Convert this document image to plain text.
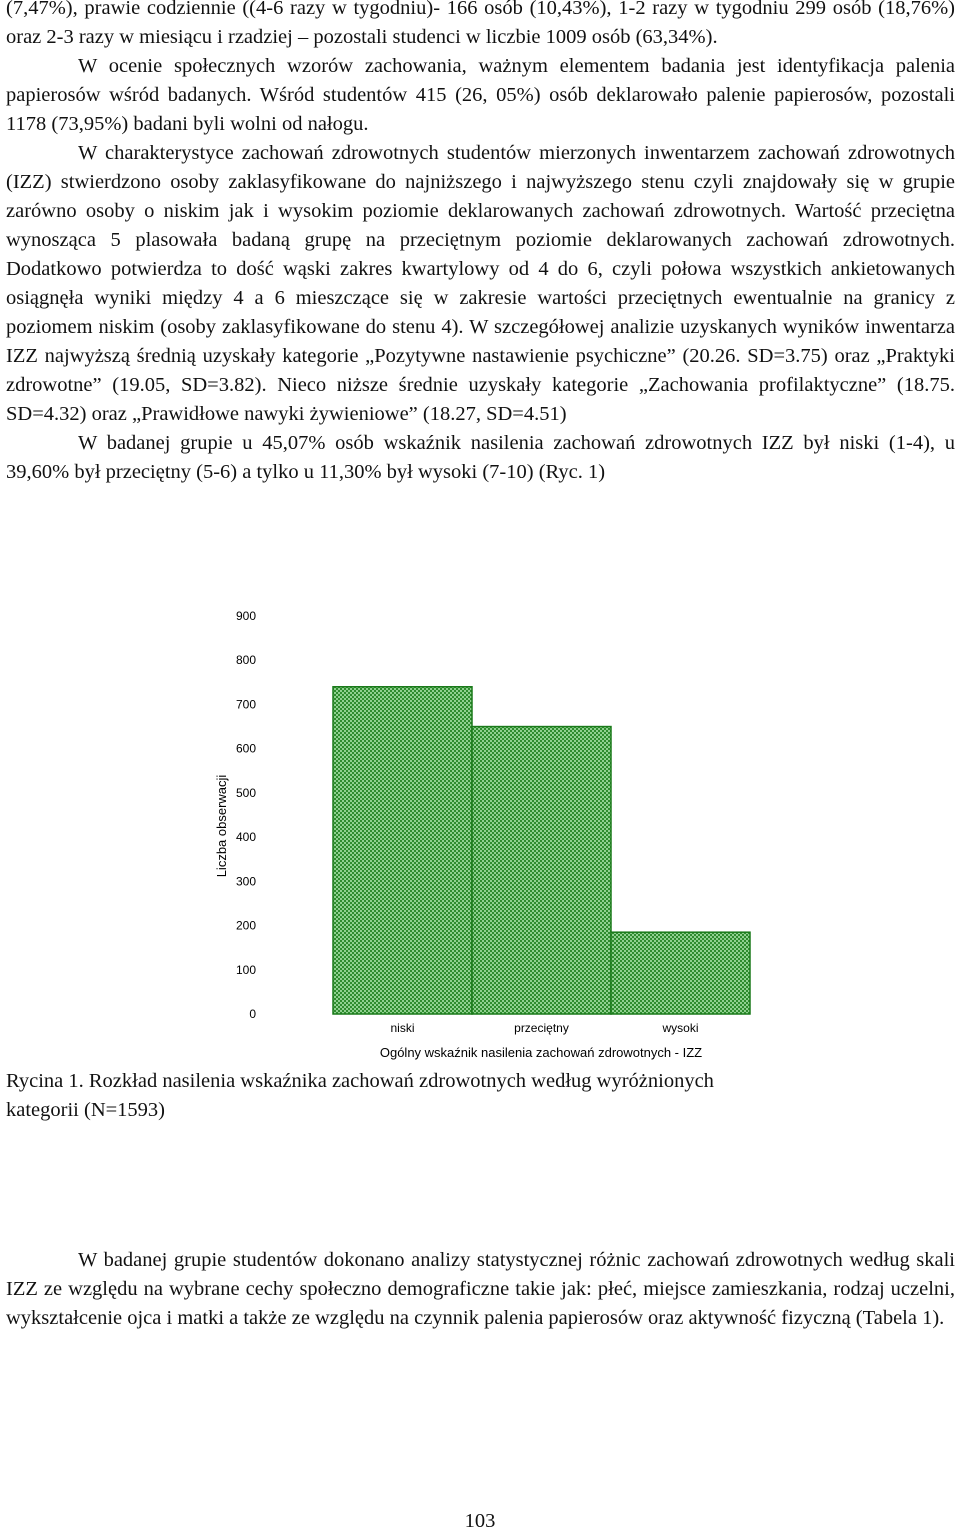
(7,47%), prawie codziennie ((4-6 razy w tygodniu)- 166 osób (10,43%), 1-2 razy w tygodniu 299 osób (18,76%) oraz 2-3 razy w miesiącu i rzadziej – pozostali studenci w liczbie 1009 osób (63,34%).

W ocenie społecznych wzorów zachowania, ważnym elementem badania jest identyfikacja palenia papierosów wśród badanych. Wśród studentów 415 (26, 05%) osób deklarowało palenie papierosów, pozostali 1178 (73,95%) badani byli wolni od nałogu.

W charakterystyce zachowań zdrowotnych studentów mierzonych inwentarzem zachowań zdrowotnych (IZZ) stwierdzono osoby zaklasyfikowane do najniższego i najwyższego stenu czyli znajdowały się w grupie zarówno osoby o niskim jak i wysokim poziomie deklarowanych zachowań zdrowotnych. Wartość przeciętna wynosząca 5 plasowała badaną grupę na przeciętnym poziomie deklarowanych zachowań zdrowotnych. Dodatkowo potwierdza to dość wąski zakres kwartylowy od 4 do 6, czyli połowa wszystkich ankietowanych osiągnęła wyniki między 4 a 6 mieszczące się w zakresie wartości przeciętnych ewentualnie na granicy z poziomem niskim (osoby zaklasyfikowane do stenu 4). W szczegółowej analizie uzyskanych wyników inwentarza IZZ najwyższą średnią uzyskały kategorie „Pozytywne nastawienie psychiczne” (20.26. SD=3.75) oraz „Praktyki zdrowotne” (19.05, SD=3.82). Nieco niższe średnie uzyskały kategorie „Zachowania profilaktyczne” (18.75. SD=4.32) oraz „Prawidłowe nawyki żywieniowe” (18.27, SD=4.51)

W badanej grupie u 45,07% osób wskaźnik nasilenia zachowań zdrowotnych IZZ był niski (1-4), u 39,60% był przeciętny (5-6) a tylko u 11,30% był wysoki (7-10) (Ryc. 1)

0
100
200
300
400
500
600
700
800
900
niski	przeciętny	wysoki
Liczba obserwacji
Ogólny wskaźnik nasilenia zachowań zdrowotnych - IZZ

Rycina 1. Rozkład nasilenia wskaźnika zachowań zdrowotnych według wyróżnionych

kategorii (N=1593)

W badanej grupie studentów dokonano analizy statystycznej różnic zachowań zdrowotnych według skali IZZ ze względu na wybrane cechy społeczno demograficzne takie jak: płeć, miejsce zamieszkania, rodzaj uczelni, wykształcenie ojca i matki a także ze względu na czynnik palenia papierosów oraz aktywność fizyczną (Tabela 1).

103
